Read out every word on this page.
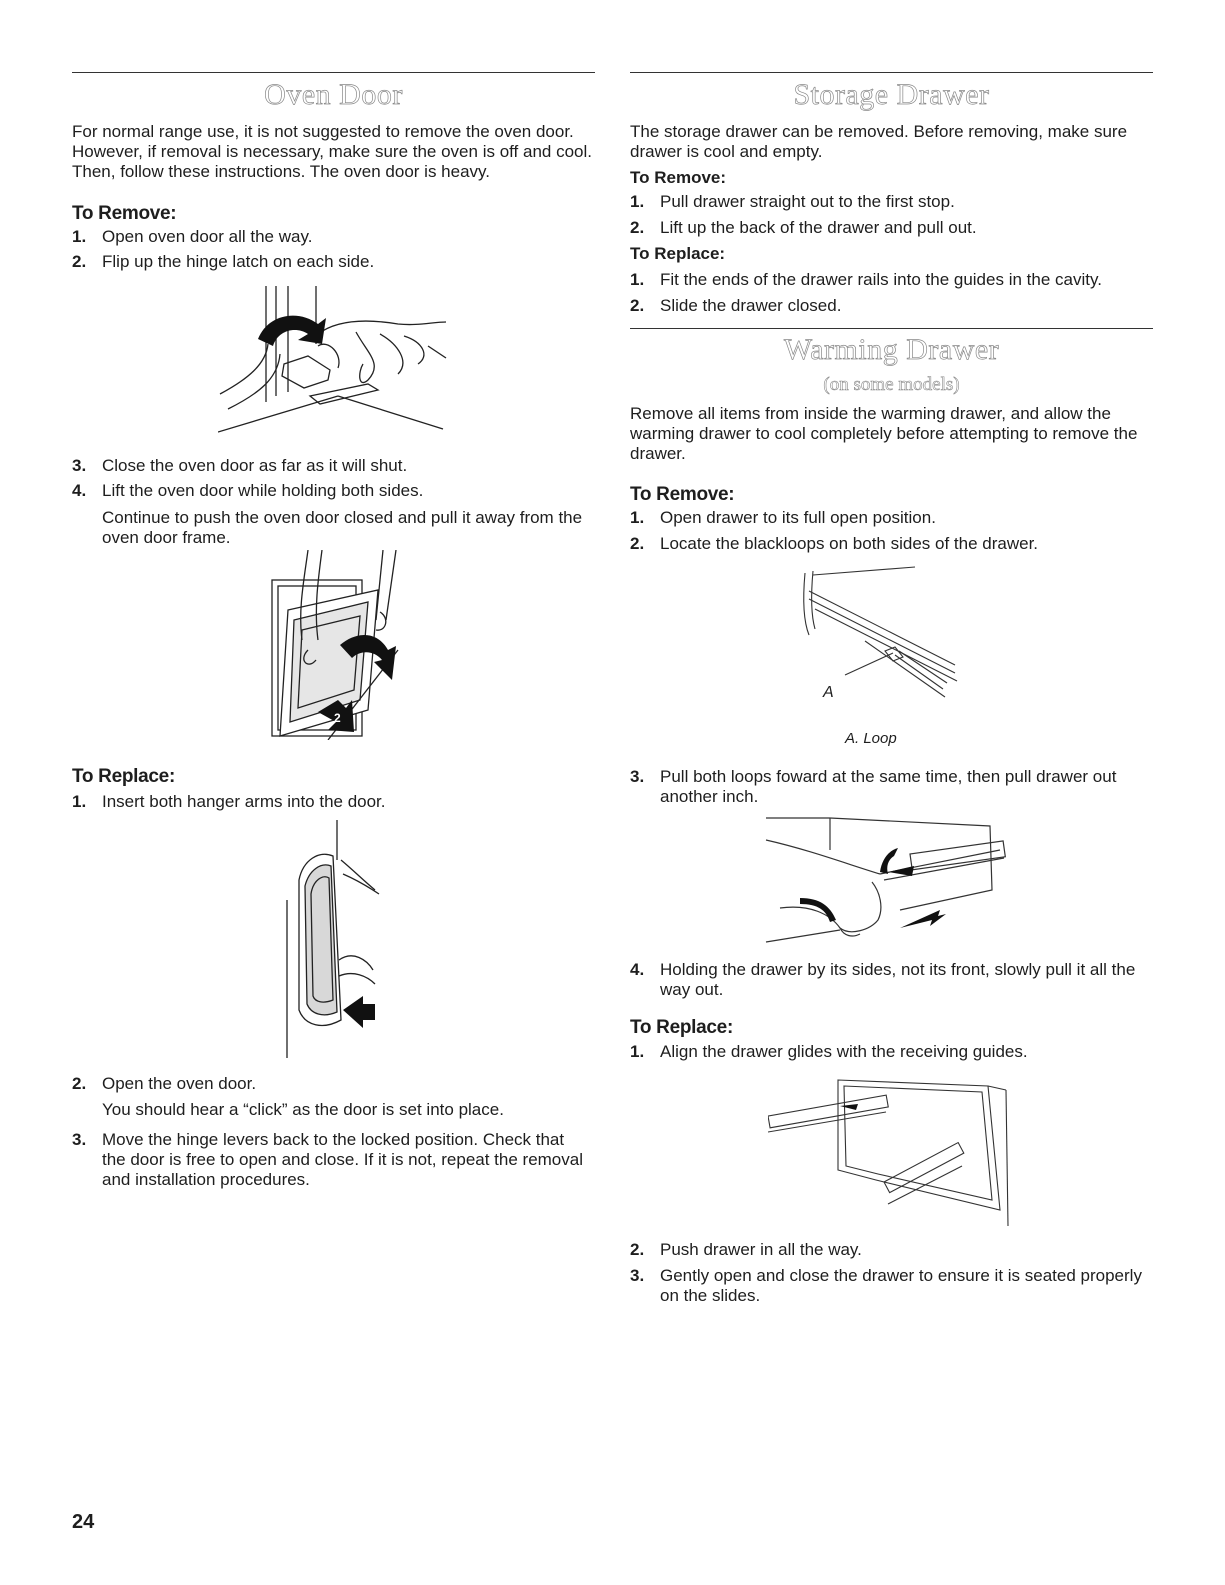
Oven Door
For normal range use, it is not suggested to remove the oven door. However, if removal is necessary, make sure the oven is off and cool. Then, follow these instructions. The oven door is heavy.
To Remove:
1. Open oven door all the way.
2. Flip up the hinge latch on each side.
3. Close the oven door as far as it will shut.
4. Lift the oven door while holding both sides.
Continue to push the oven door closed and pull it away from the oven door frame.
1
2
To Replace:
1. Insert both hanger arms into the door.
2. Open the oven door.
You should hear a “click” as the door is set into place.
3. Move the hinge levers back to the locked position. Check that the door is free to open and close. If it is not, repeat the removal and installation procedures.
Storage Drawer
The storage drawer can be removed. Before removing, make sure drawer is cool and empty.
To Remove:
1. Pull drawer straight out to the first stop.
2. Lift up the back of the drawer and pull out.
To Replace:
1. Fit the ends of the drawer rails into the guides in the cavity.
2. Slide the drawer closed.
Warming Drawer
(on some models)
Remove all items from inside the warming drawer, and allow the warming drawer to cool completely before attempting to remove the drawer.
To Remove:
1. Open drawer to its full open position.
2. Locate the blackloops on both sides of the drawer.
A
A. Loop
3. Pull both loops foward at the same time, then pull drawer out another inch.
4. Holding the drawer by its sides, not its front, slowly pull it all the way out.
To Replace:
1. Align the drawer glides with the receiving guides.
2. Push drawer in all the way.
3. Gently open and close the drawer to ensure it is seated properly on the slides.
24
